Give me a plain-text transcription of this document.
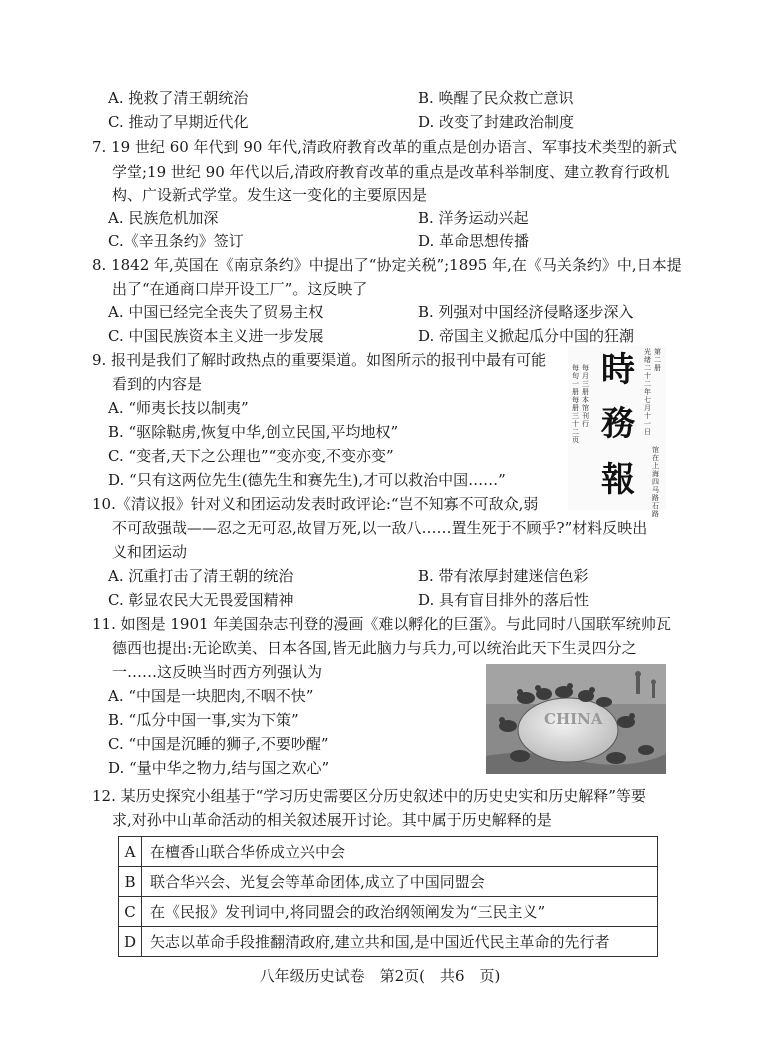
A. 挽救了清王朝统治	B. 唤醒了民众救亡意识
C. 推动了早期近代化	D. 改变了封建政治制度
7. 19 世纪 60 年代到 90 年代,清政府教育改革的重点是创办语言、军事技术类型的新式
学堂;19 世纪 90 年代以后,清政府教育改革的重点是改革科举制度、建立教育行政机
构、广设新式学堂。发生这一变化的主要原因是
A. 民族危机加深	B. 洋务运动兴起
C.《辛丑条约》签订	D. 革命思想传播
8. 1842 年,英国在《南京条约》中提出了“协定关税”;1895 年,在《马关条约》中,日本提
出了“在通商口岸开设工厂”。这反映了
A. 中国已经完全丧失了贸易主权	B. 列强对中国经济侵略逐步深入
C. 中国民族资本主义进一步发展	D. 帝国主义掀起瓜分中国的狂潮
9. 报刊是我们了解时政热点的重要渠道。如图所示的报刊中最有可能
看到的内容是
A. “师夷长技以制夷”
B. “驱除鞑虏,恢复中华,创立民国,平均地权”
C. “变者,天下之公理也”“变亦变,不变亦变”
D. “只有这两位先生(德先生和赛先生),才可以救治中国……”
每旬一册每册三十二页
每月三册本馆刊行
時
務
報
光绪二十二年七月十一日
第二册
馆在上海四马路石路
10.《清议报》针对义和团运动发表时政评论:“岂不知寡不可敌众,弱
不可敌强哉——忍之无可忍,故冒万死,以一敌八……置生死于不顾乎?”材料反映出
义和团运动
A. 沉重打击了清王朝的统治	B. 带有浓厚封建迷信色彩
C. 彰显农民大无畏爱国精神	D. 具有盲目排外的落后性
11. 如图是 1901 年美国杂志刊登的漫画《难以孵化的巨蛋》。与此同时八国联军统帅瓦
德西也提出:无论欧美、日本各国,皆无此脑力与兵力,可以统治此天下生灵四分之
一……这反映当时西方列强认为
A. “中国是一块肥肉,不咽不快”
B. “瓜分中国一事,实为下策”
C. “中国是沉睡的狮子,不要吵醒”
D. “量中华之物力,结与国之欢心”
CHINA
12. 某历史探究小组基于“学习历史需要区分历史叙述中的历史史实和历史解释”等要
求,对孙中山革命活动的相关叙述展开讨论。其中属于历史解释的是
A	在檀香山联合华侨成立兴中会
B	联合华兴会、光复会等革命团体,成立了中国同盟会
C	在《民报》发刊词中,将同盟会的政治纲领阐发为“三民主义”
D	矢志以革命手段推翻清政府,建立共和国,是中国近代民主革命的先行者
八年级历史试卷　第2页(　共6　页)
